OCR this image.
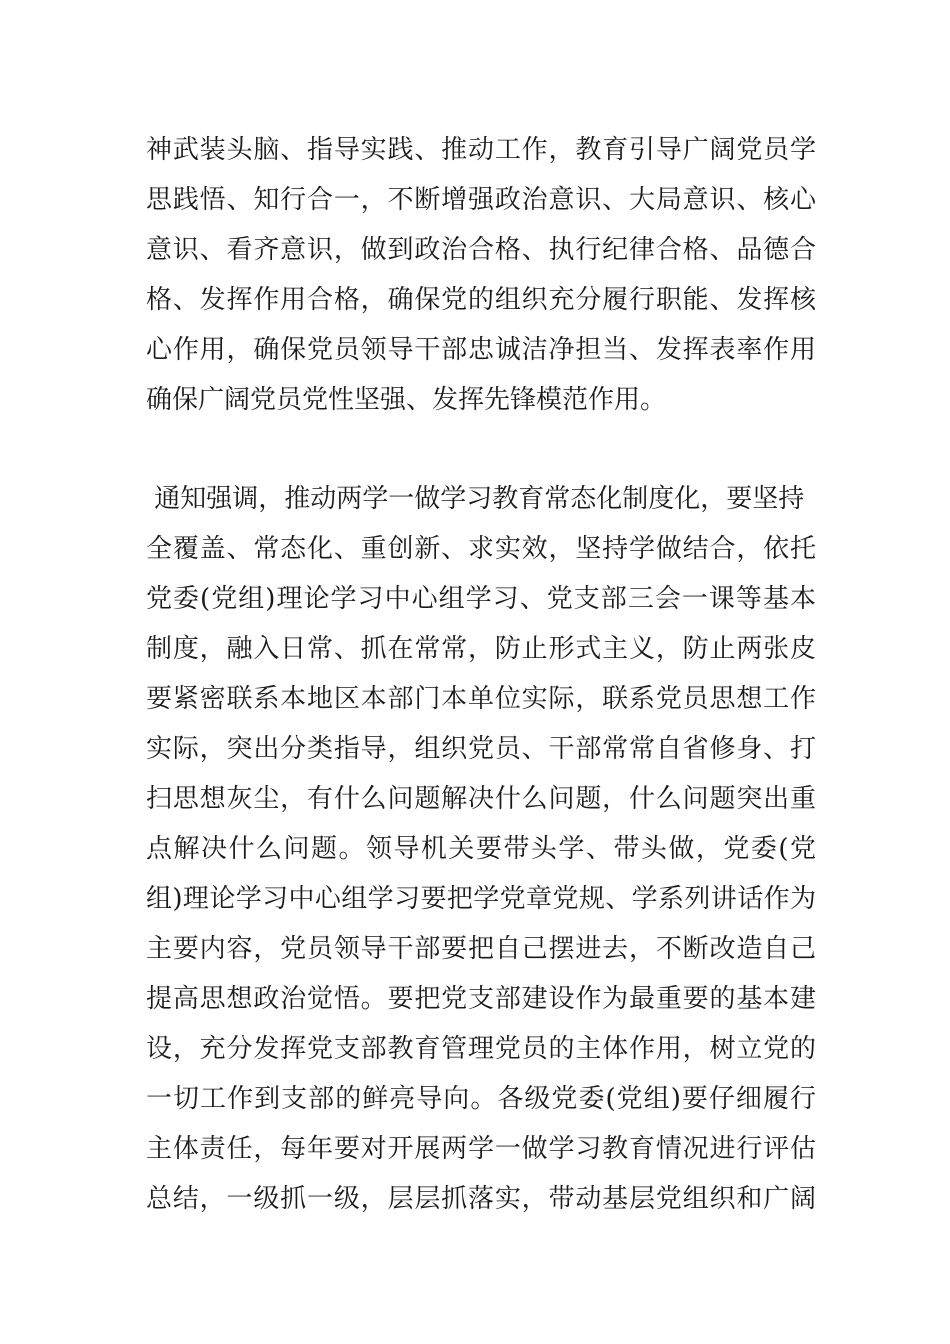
神武装头脑、指导实践、推动工作，教育引导广阔党员学
思践悟、知行合一，不断增强政治意识、大局意识、核心
意识、看齐意识，做到政治合格、执行纪律合格、品德合
格、发挥作用合格，确保党的组织充分履行职能、发挥核
心作用，确保党员领导干部忠诚洁净担当、发挥表率作用
确保广阔党员党性坚强、发挥先锋模范作用。
通知强调，推动两学一做学习教育常态化制度化，要坚持
全覆盖、常态化、重创新、求实效，坚持学做结合，依托
党委(党组)理论学习中心组学习、党支部三会一课等基本
制度，融入日常、抓在常常，防止形式主义，防止两张皮
要紧密联系本地区本部门本单位实际，联系党员思想工作
实际，突出分类指导，组织党员、干部常常自省修身、打
扫思想灰尘，有什么问题解决什么问题，什么问题突出重
点解决什么问题。领导机关要带头学、带头做，党委(党
组)理论学习中心组学习要把学党章党规、学系列讲话作为
主要内容，党员领导干部要把自己摆进去，不断改造自己
提高思想政治觉悟。要把党支部建设作为最重要的基本建
设，充分发挥党支部教育管理党员的主体作用，树立党的
一切工作到支部的鲜亮导向。各级党委(党组)要仔细履行
主体责任，每年要对开展两学一做学习教育情况进行评估
总结，一级抓一级，层层抓落实，带动基层党组织和广阔
